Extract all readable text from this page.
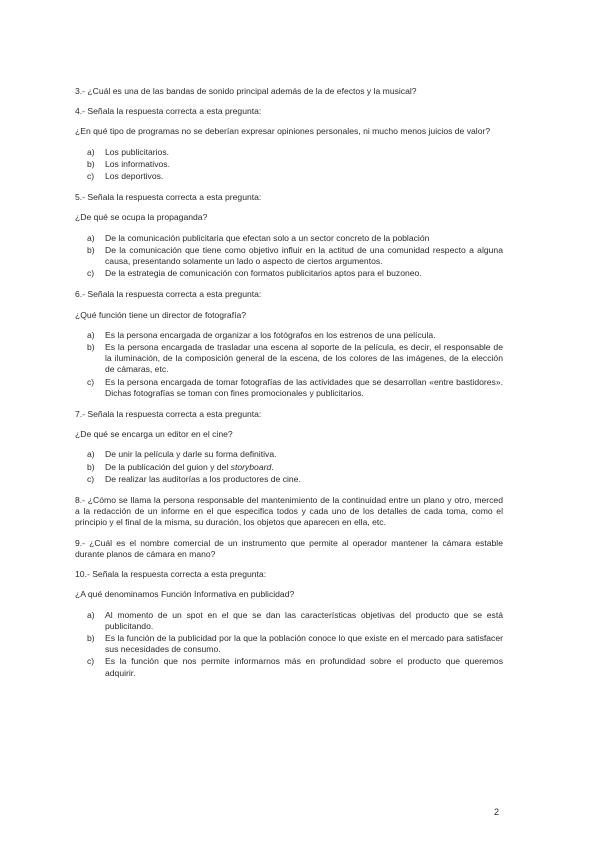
3.- ¿Cuál es una de las bandas de sonido principal además de la de efectos y la musical?

4.- Señala la respuesta correcta a esta pregunta:

¿En qué tipo de programas no se deberían expresar opiniones personales, ni mucho menos juicios de valor?

a) Los publicitarios.
b) Los informativos.
c) Los deportivos.

5.- Señala la respuesta correcta a esta pregunta:

¿De qué se ocupa la propaganda?

a) De la comunicación publicitaria que efectan solo a un sector concreto de la población
b) De la comunicación que tiene como objetivo influir en la actitud de una comunidad respecto a alguna causa, presentando solamente un lado o aspecto de ciertos argumentos.
c) De la estrategia de comunicación con formatos publicitarios aptos para el buzoneo.

6.- Señala la respuesta correcta a esta pregunta:

¿Qué función tiene un director de fotografía?

a) Es la persona encargada de organizar a los fotógrafos en los estrenos de una película.
b) Es la persona encargada de trasladar una escena al soporte de la película, es decir, el responsable de la iluminación, de la composición general de la escena, de los colores de las imágenes, de la elección de cámaras, etc.
c) Es la persona encargada de tomar fotografías de las actividades que se desarrollan «entre bastidores». Dichas fotografías se toman con fines promocionales y publicitarios.

7.- Señala la respuesta correcta a esta pregunta:

¿De qué se encarga un editor en el cine?

a) De unir la película y darle su forma definitiva.
b) De la publicación del guion y del storyboard.
c) De realizar las auditorías a los productores de cine.

8.- ¿Cómo se llama la persona responsable del mantenimiento de la continuidad entre un plano y otro, merced a la redacción de un informe en el que especifica todos y cada uno de los detalles de cada toma, como el principio y el final de la misma, su duración, los objetos que aparecen en ella, etc.

9.- ¿Cuál es el nombre comercial de un instrumento que permite al operador mantener la cámara estable durante planos de cámara en mano?

10.- Señala la respuesta correcta a esta pregunta:

¿A qué denominamos Función Informativa en publicidad?

a) Al momento de un spot en el que se dan las características objetivas del producto que se está publicitando.
b) Es la función de la publicidad por la que la población conoce lo que existe en el mercado para satisfacer sus necesidades de consumo.
c) Es la función que nos permite informarnos más en profundidad sobre el producto que queremos adquirir.
2
